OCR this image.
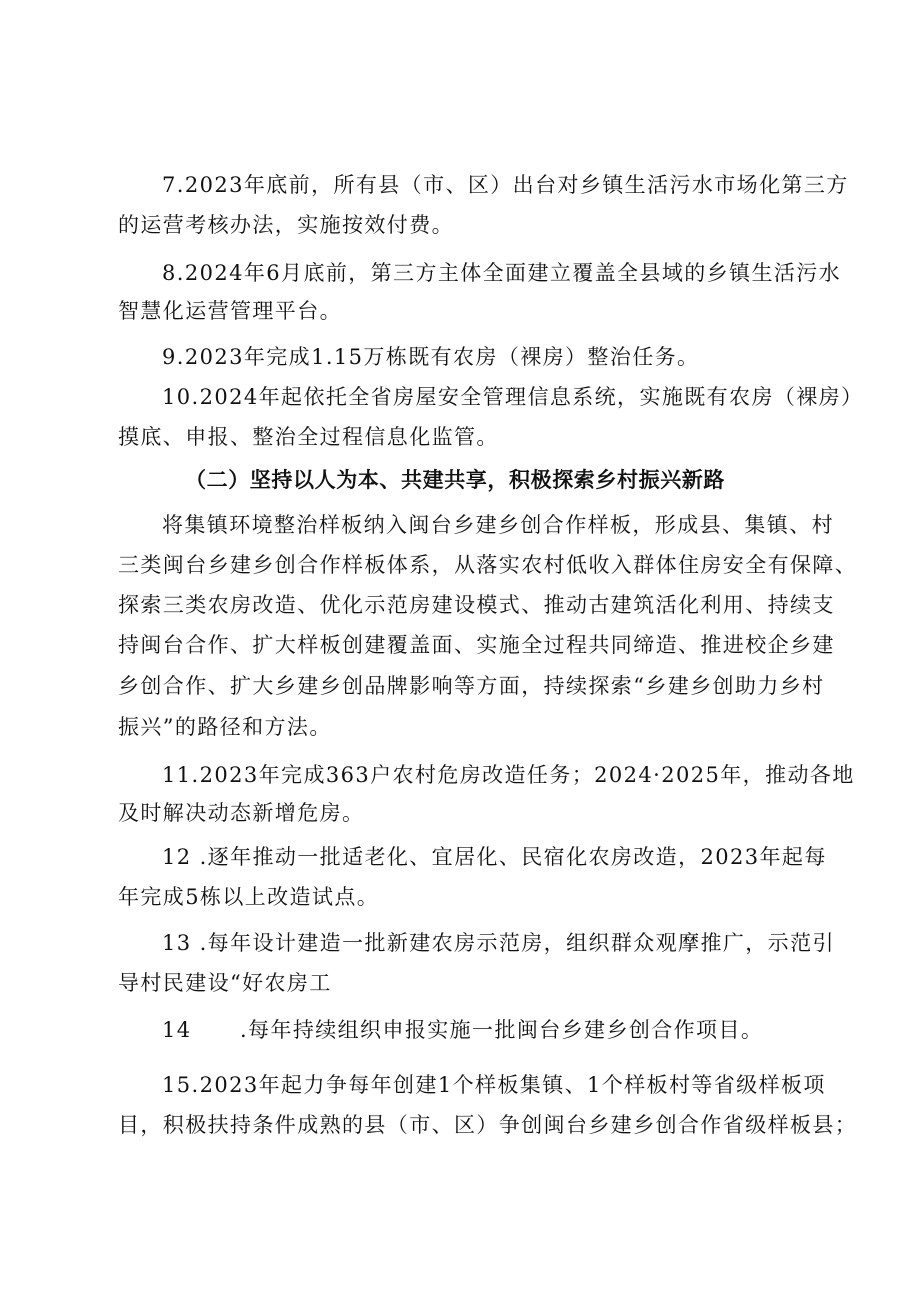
7.2023年底前，所有县（市、区）出台对乡镇生活污水市场化第三方
的运营考核办法，实施按效付费。
8.2024年6月底前，第三方主体全面建立覆盖全县域的乡镇生活污水
智慧化运营管理平台。
9.2023年完成1.15万栋既有农房（裸房）整治任务。
10.2024年起依托全省房屋安全管理信息系统，实施既有农房（裸房）
摸底、申报、整治全过程信息化监管。
（二）坚持以人为本、共建共享，积极探索乡村振兴新路
将集镇环境整治样板纳入闽台乡建乡创合作样板，形成县、集镇、村
三类闽台乡建乡创合作样板体系，从落实农村低收入群体住房安全有保障、
探索三类农房改造、优化示范房建设模式、推动古建筑活化利用、持续支
持闽台合作、扩大样板创建覆盖面、实施全过程共同缔造、推进校企乡建
乡创合作、扩大乡建乡创品牌影响等方面，持续探索“乡建乡创助力乡村
振兴”的路径和方法。
11.2023年完成363户农村危房改造任务；2024·2025年，推动各地
及时解决动态新增危房。
12 .逐年推动一批适老化、宜居化、民宿化农房改造，2023年起每
年完成5栋以上改造试点。
13 .每年设计建造一批新建农房示范房，组织群众观摩推广，示范引
导村民建设“好农房工
14      .每年持续组织申报实施一批闽台乡建乡创合作项目。
15.2023年起力争每年创建1个样板集镇、1个样板村等省级样板项
目，积极扶持条件成熟的县（市、区）争创闽台乡建乡创合作省级样板县；
